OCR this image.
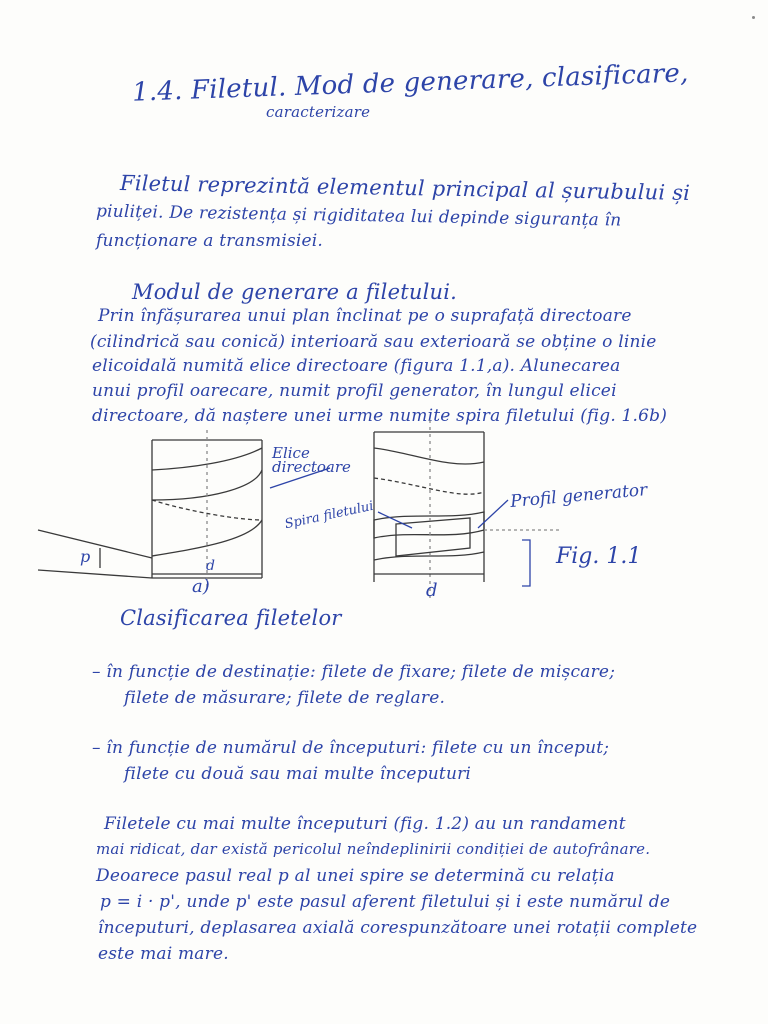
1.4. Filetul. Mod de generare, clasificare,
caracterizare
Filetul reprezintă elementul principal al șurubului și
piuliței. De rezistența și rigiditatea lui depinde siguranța în
funcționare a transmisiei.
Modul de generare a filetului.
Prin înfășurarea unui plan înclinat pe o suprafață directoare
(cilindrică sau conică) interioară sau exterioară se obține o linie
elicoidală numită elice directoare (figura 1.1,a). Alunecarea
unui profil oarecare, numit profil generator, în lungul elicei
directoare, dă naștere unei urme numite spira filetului (fig. 1.6b)
Elice directoare
Spira filetului
Profil generator
Fig. 1.1
a)
d
d
p
Clasificarea filetelor
– în funcție de destinație: filete de fixare; filete de mișcare;
filete de măsurare; filete de reglare.
– în funcție de numărul de începuturi: filete cu un început;
filete cu două sau mai multe începuturi
Filetele cu mai multe începuturi (fig. 1.2) au un randament
mai ridicat, dar există pericolul neîndeplinirii condiției de autofrânare.
Deoarece pasul real p al unei spire se determină cu relația
p = i · p', unde p' este pasul aferent filetului și i este numărul de
începuturi, deplasarea axială corespunzătoare unei rotații complete
este mai mare.
